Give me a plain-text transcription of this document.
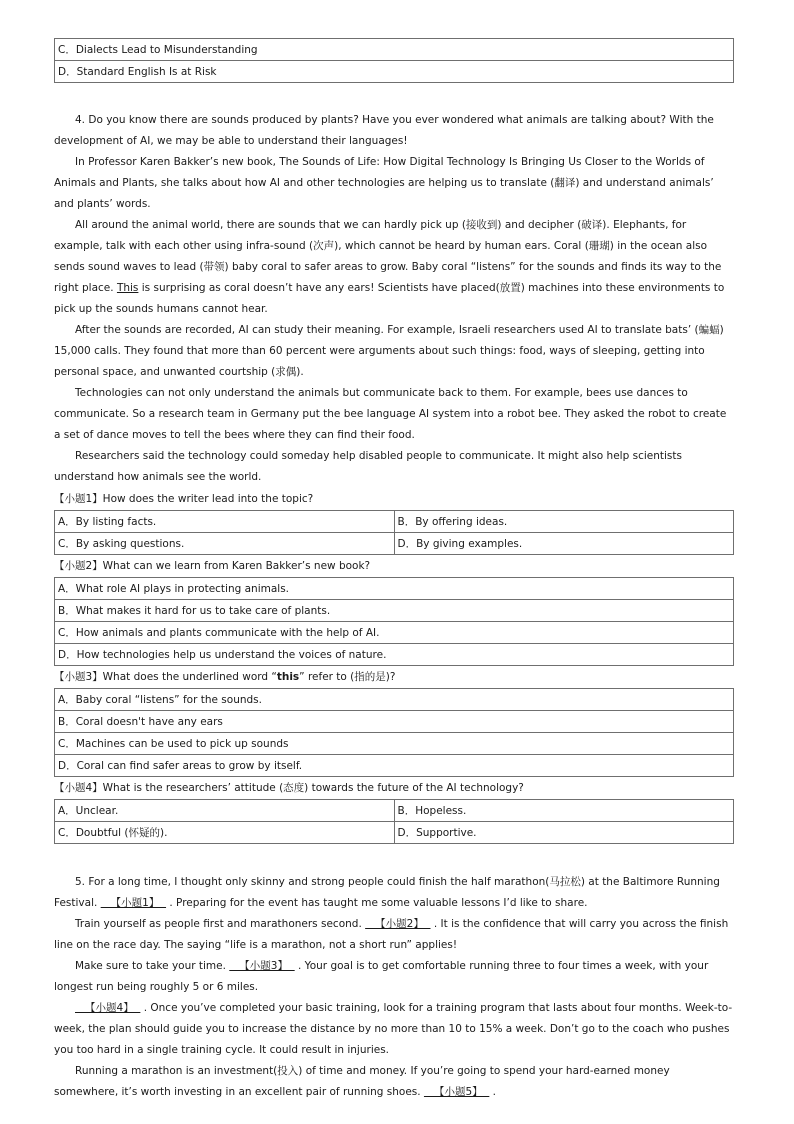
C．Dialects Lead to Misunderstanding
D．Standard English Is at Risk

4. Do you know there are sounds produced by plants? Have you ever wondered what animals are talking about? With the development of AI, we may be able to understand their languages!

In Professor Karen Bakker’s new book, The Sounds of Life: How Digital Technology Is Bringing Us Closer to the Worlds of Animals and Plants, she talks about how AI and other technologies are helping us to translate (翻译) and understand animals’ and plants’ words.

All around the animal world, there are sounds that we can hardly pick up (接收到) and decipher (破译). Elephants, for example, talk with each other using infra-sound (次声), which cannot be heard by human ears. Coral (珊瑚) in the ocean also sends sound waves to lead (带领) baby coral to safer areas to grow. Baby coral “listens” for the sounds and finds its way to the right place. This is surprising as coral doesn’t have any ears! Scientists have placed(放置) machines into these environments to pick up the sounds humans cannot hear.

After the sounds are recorded, AI can study their meaning. For example, Israeli researchers used AI to translate bats’ (蝙蝠) 15,000 calls. They found that more than 60 percent were arguments about such things: food, ways of sleeping, getting into personal space, and unwanted courtship (求偶).

Technologies can not only understand the animals but communicate back to them. For example, bees use dances to communicate. So a research team in Germany put the bee language AI system into a robot bee. They asked the robot to create a set of dance moves to tell the bees where they can find their food.

Researchers said the technology could someday help disabled people to communicate. It might also help scientists understand how animals see the world.

【小题1】How does the writer lead into the topic?

A．By listing facts.	B．By offering ideas.
C．By asking questions.	D．By giving examples.

【小题2】What can we learn from Karen Bakker’s new book?

A．What role AI plays in protecting animals.
B．What makes it hard for us to take care of plants.
C．How animals and plants communicate with the help of AI.
D．How technologies help us understand the voices of nature.

【小题3】What does the underlined word “this” refer to (指的是)?

A．Baby coral “listens” for the sounds.
B．Coral doesn't have any ears
C．Machines can be used to pick up sounds
D．Coral can find safer areas to grow by itself.

【小题4】What is the researchers’ attitude (态度) towards the future of the AI technology?

A．Unclear.	B．Hopeless.
C．Doubtful (怀疑的).	D．Supportive.

5. For a long time, I thought only skinny and strong people could finish the half marathon(马拉松) at the Baltimore Running Festival.    【小题1】   . Preparing for the event has taught me some valuable lessons I’d like to share.

Train yourself as people first and marathoners second.    【小题2】   . It is the confidence that will carry you across the finish line on the race day. The saying “life is a marathon, not a short run” applies!

Make sure to take your time.    【小题3】   . Your goal is to get comfortable running three to four times a week, with your longest run being roughly 5 or 6 miles.

【小题4】   . Once you’ve completed your basic training, look for a training program that lasts about four months. Week-to-week, the plan should guide you to increase the distance by no more than 10 to 15% a week. Don’t go to the coach who pushes you too hard in a single training cycle. It could result in injuries.

Running a marathon is an investment(投入) of time and money. If you’re going to spend your hard-earned money somewhere, it’s worth investing in an excellent pair of running shoes.    【小题5】   .
